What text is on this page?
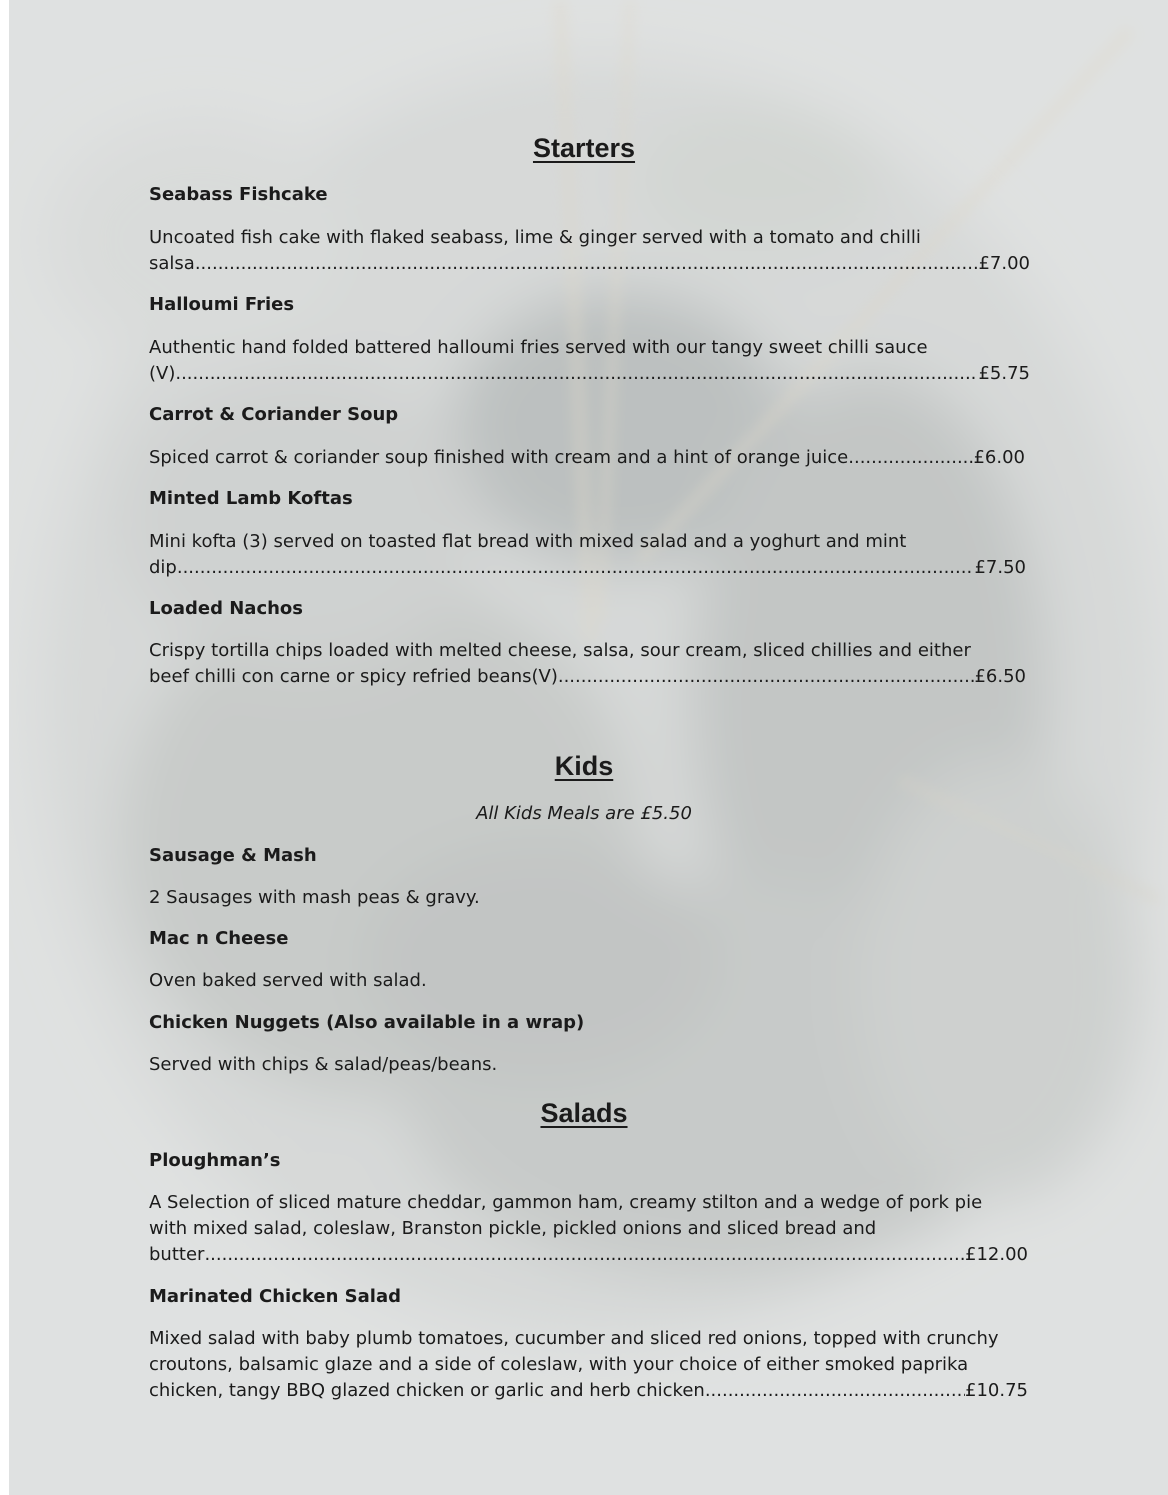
Starters
Seabass Fishcake
Uncoated fish cake with flaked seabass, lime & ginger served with a tomato and chilli
salsa .....	£7.00
Halloumi Fries
Authentic hand folded battered halloumi fries served with our tangy sweet chilli sauce
(V) .....	£5.75
Carrot & Coriander Soup
Spiced carrot & coriander soup finished with cream and a hint of orange juice .....	£6.00
Minted Lamb Koftas
Mini kofta (3) served on toasted flat bread with mixed salad and a yoghurt and mint
dip .....	£7.50
Loaded Nachos
Crispy tortilla chips loaded with melted cheese, salsa, sour cream, sliced chillies and either
beef chilli con carne or spicy refried beans(V) .....	£6.50
Kids
All Kids Meals are £5.50
Sausage & Mash
2 Sausages with mash peas & gravy.
Mac n Cheese
Oven baked served with salad.
Chicken Nuggets (Also available in a wrap)
Served with chips & salad/peas/beans.
Salads
Ploughman’s
A Selection of sliced mature cheddar, gammon ham, creamy stilton and a wedge of pork pie
with mixed salad, coleslaw, Branston pickle, pickled onions and sliced bread and
butter .....	£12.00
Marinated Chicken Salad
Mixed salad with baby plumb tomatoes, cucumber and sliced red onions, topped with crunchy
croutons, balsamic glaze and a side of coleslaw, with your choice of either smoked paprika
chicken, tangy BBQ glazed chicken or garlic and herb chicken .....	£10.75
